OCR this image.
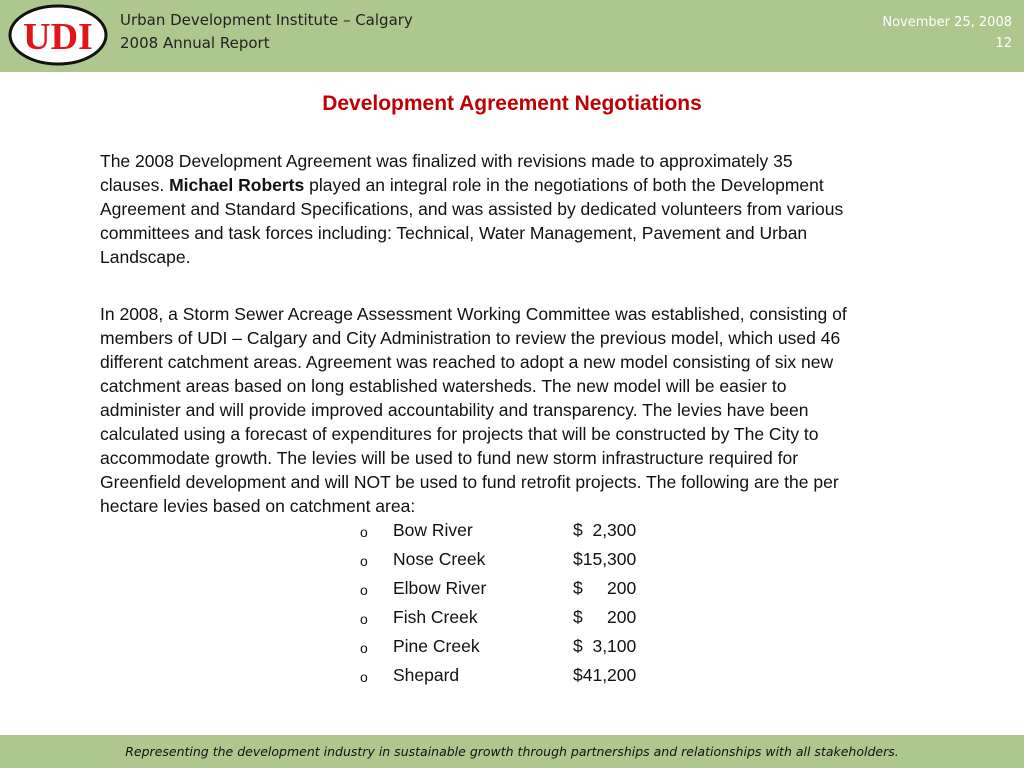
UDI Urban Development Institute – Calgary
2008 Annual Report
November 25, 2008
12
Development Agreement Negotiations
The 2008 Development Agreement was finalized with revisions made to approximately 35
clauses. Michael Roberts played an integral role in the negotiations of both the Development
Agreement and Standard Specifications, and was assisted by dedicated volunteers from various
committees and task forces including: Technical, Water Management, Pavement and Urban
Landscape.
In 2008, a Storm Sewer Acreage Assessment Working Committee was established, consisting of
members of UDI – Calgary and City Administration to review the previous model, which used 46
different catchment areas. Agreement was reached to adopt a new model consisting of six new
catchment areas based on long established watersheds. The new model will be easier to
administer and will provide improved accountability and transparency. The levies have been
calculated using a forecast of expenditures for projects that will be constructed by The City to
accommodate growth. The levies will be used to fund new storm infrastructure required for
Greenfield development and will NOT be used to fund retrofit projects. The following are the per
hectare levies based on catchment area:
o Bow River	$  2,300
o Nose Creek	$15,300
o Elbow River	$     200
o Fish Creek	$     200
o Pine Creek	$  3,100
o Shepard	$41,200
Representing the development industry in sustainable growth through partnerships and relationships with all stakeholders.
